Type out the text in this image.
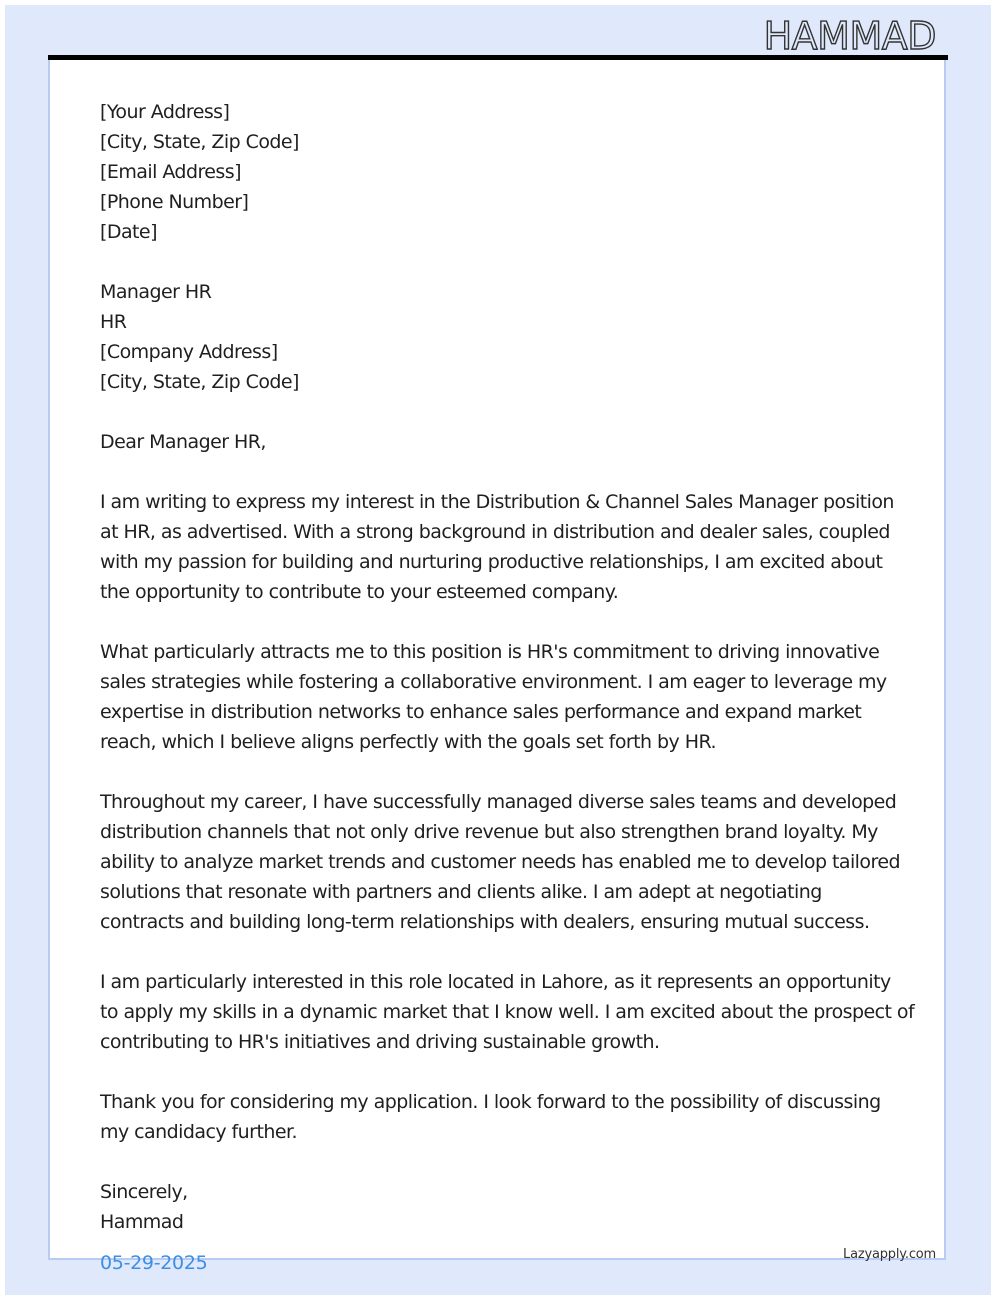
HAMMAD
[Your Address]
[City, State, Zip Code]
[Email Address]
[Phone Number]
[Date]
Manager HR
HR
[Company Address]
[City, State, Zip Code]
Dear Manager HR,
I am writing to express my interest in the Distribution & Channel Sales Manager position
at HR, as advertised. With a strong background in distribution and dealer sales, coupled
with my passion for building and nurturing productive relationships, I am excited about
the opportunity to contribute to your esteemed company.
What particularly attracts me to this position is HR's commitment to driving innovative
sales strategies while fostering a collaborative environment. I am eager to leverage my
expertise in distribution networks to enhance sales performance and expand market
reach, which I believe aligns perfectly with the goals set forth by HR.
Throughout my career, I have successfully managed diverse sales teams and developed
distribution channels that not only drive revenue but also strengthen brand loyalty. My
ability to analyze market trends and customer needs has enabled me to develop tailored
solutions that resonate with partners and clients alike. I am adept at negotiating
contracts and building long-term relationships with dealers, ensuring mutual success.
I am particularly interested in this role located in Lahore, as it represents an opportunity
to apply my skills in a dynamic market that I know well. I am excited about the prospect of
contributing to HR's initiatives and driving sustainable growth.
Thank you for considering my application. I look forward to the possibility of discussing
my candidacy further.
Sincerely,
Hammad
05-29-2025	Lazyapply.com
